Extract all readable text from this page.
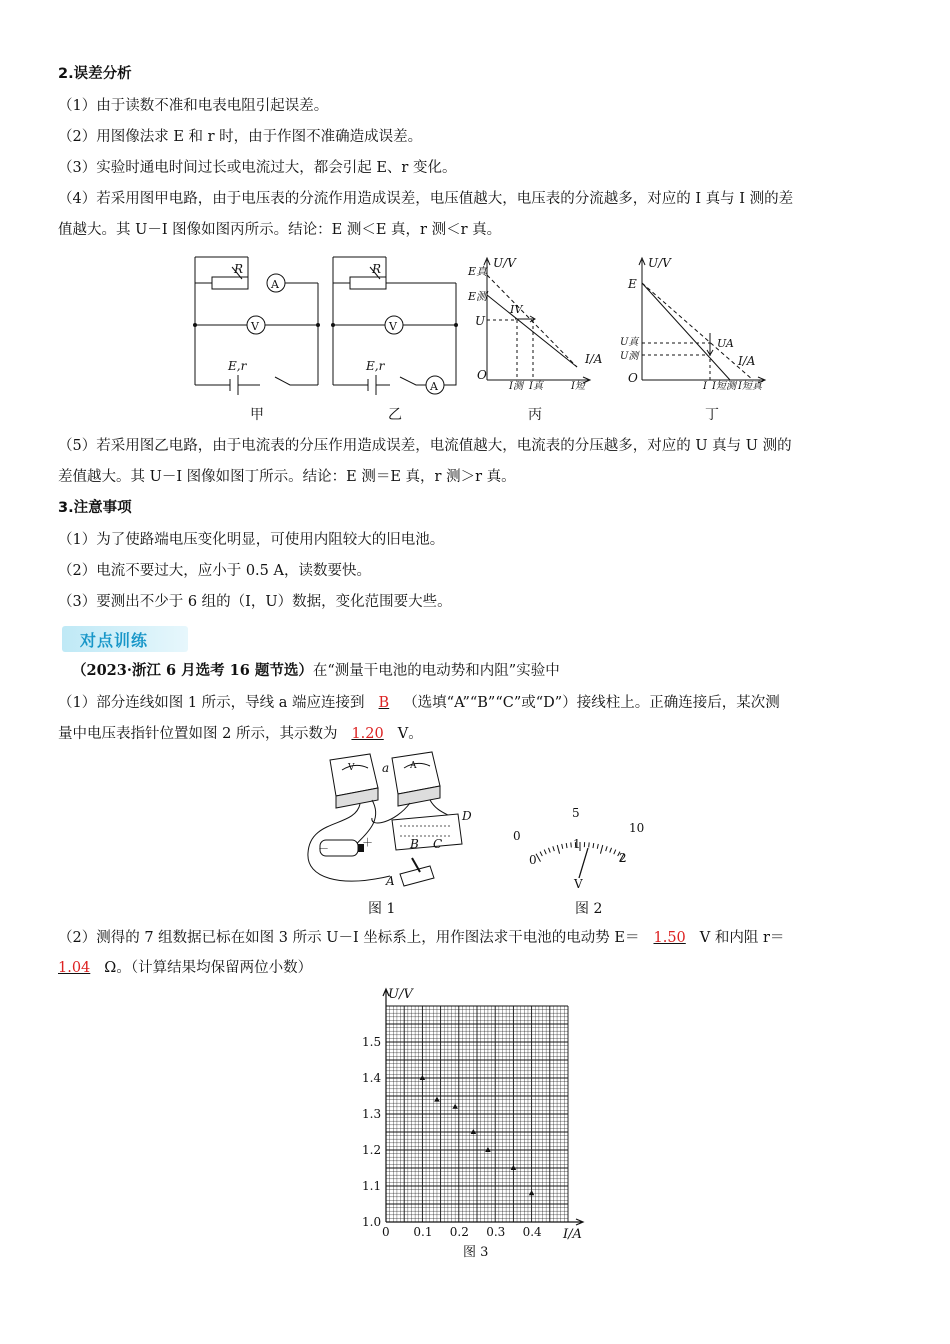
2.误差分析
（1）由于读数不准和电表电阻引起误差。
（2）用图像法求 E 和 r 时，由于作图不准确造成误差。
（3）实验时通电时间过长或电流过大，都会引起 E、r 变化。
（4）若采用图甲电路，由于电压表的分流作用造成误差，电压值越大，电压表的分流越多，对应的 I 真与 I 测的差
值越大。其 U－I 图像如图丙所示。结论：E 测＜E 真，r 测＜r 真。
R
A
V
E,r
甲
R
V
A
E,r
乙
U/V
I/A
O
E真
E测
U
IV
I测 I真	I短
丙
U/V
I/A
O
E
U真
U测
UA
I I短测 I短真
丁
（5）若采用图乙电路，由于电流表的分压作用造成误差，电流值越大，电流表的分压越多，对应的 U 真与 U 测的
差值越大。其 U－I 图像如图丁所示。结论：E 测＝E 真，r 测＞r 真。
3.注意事项
（1）为了使路端电压变化明显，可使用内阻较大的旧电池。
（2）电流不要过大，应小于 0.5 A，读数要快。
（3）要测出不少于 6 组的（I，U）数据，变化范围要大些。
对点训练
（2023·浙江 6 月选考 16 题节选）在“测量干电池的电动势和内阻”实验中
（1）部分连线如图 1 所示，导线 a 端应连接到 B （选填“A”“B”“C”或“D”）接线柱上。正确连接后，某次测
量中电压表指针位置如图 2 所示，其示数为 1.20 V。
V	A
a
D
B C
A
－	＋
图 1
0
5
10
0
1
2
V
图 2
（2）测得的 7 组数据已标在如图 3 所示 U－I 坐标系上，用作图法求干电池的电动势 E＝ 1.50 V 和内阻 r＝
1.04 Ω。（计算结果均保留两位小数）
0 0.1 0.2 0.3 0.4
1.0
1.1
1.2
1.3
1.4
1.5
U/V
I/A
图 3
